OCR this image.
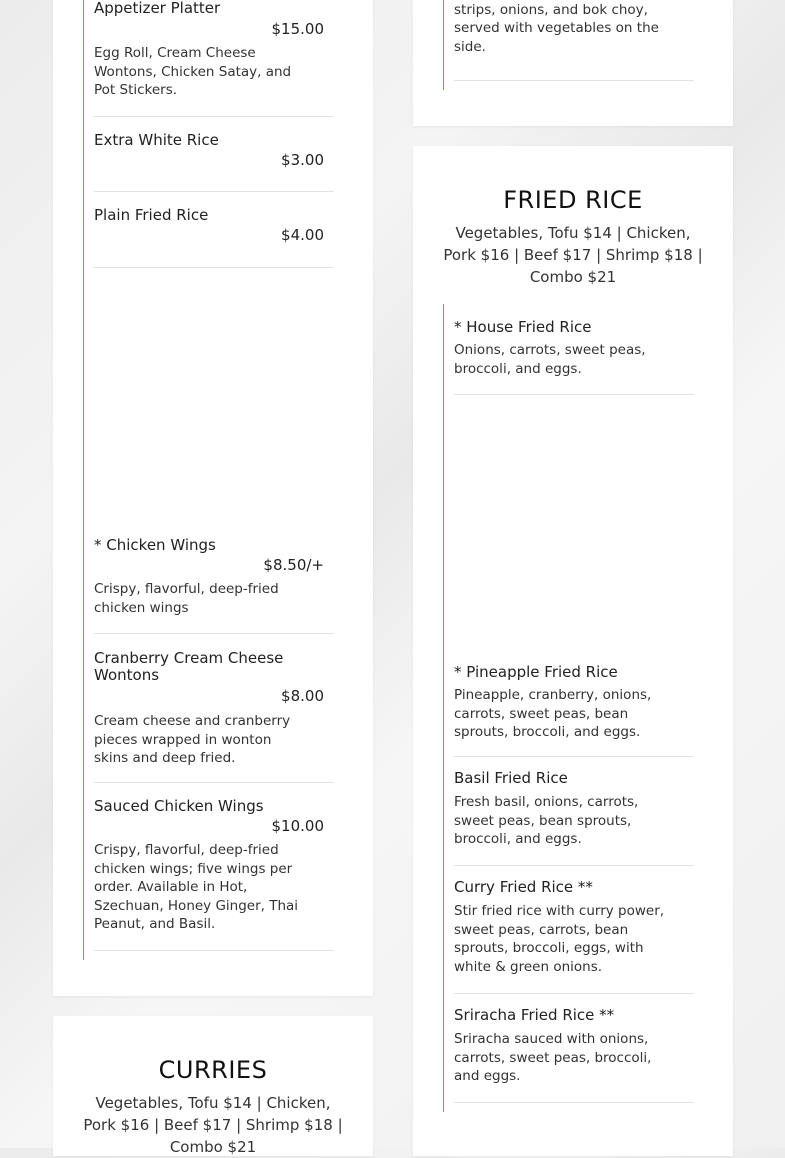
Appetizer Platter
$15.00
Egg Roll, Cream Cheese Wontons, Chicken Satay, and Pot Stickers.
Extra White Rice
$3.00
Plain Fried Rice
$4.00
* Chicken Wings
$8.50/+
Crispy, flavorful, deep-fried chicken wings
Cranberry Cream Cheese Wontons
$8.00
Cream cheese and cranberry pieces wrapped in wonton skins and deep fried.
Sauced Chicken Wings
$10.00
Crispy, flavorful, deep-fried chicken wings; five wings per order. Available in Hot, Szechuan, Honey Ginger, Thai Peanut, and Basil.
strips, onions, and bok choy, served with vegetables on the side.
FRIED RICE
Vegetables, Tofu $14 | Chicken, Pork $16 | Beef $17 | Shrimp $18 | Combo $21
* House Fried Rice
Onions, carrots, sweet peas, broccoli, and eggs.
* Pineapple Fried Rice
Pineapple, cranberry, onions, carrots, sweet peas, bean sprouts, broccoli, and eggs.
Basil Fried Rice
Fresh basil, onions, carrots, sweet peas, bean sprouts, broccoli, and eggs.
Curry Fried Rice **
Stir fried rice with curry power, sweet peas, carrots, bean sprouts, broccoli, eggs, with white & green onions.
Sriracha Fried Rice **
Sriracha sauced with onions, carrots, sweet peas, broccoli, and eggs.
CURRIES
Vegetables, Tofu $14 | Chicken, Pork $16 | Beef $17 | Shrimp $18 | Combo $21
